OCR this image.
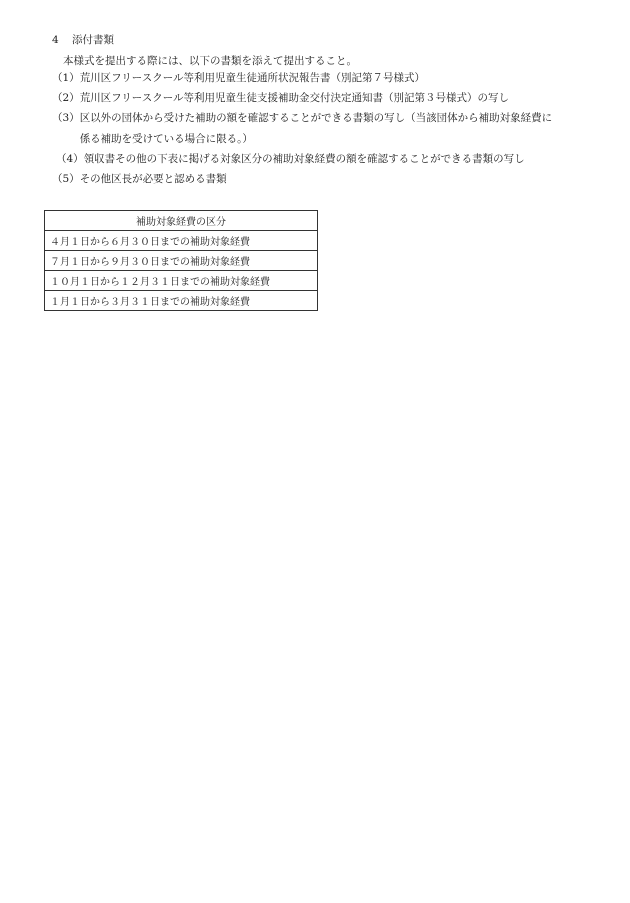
4 添付書類
本様式を提出する際には、以下の書類を添えて提出すること。
（1） 荒川区フリースクール等利用児童生徒通所状況報告書（別記第７号様式）
（2） 荒川区フリースクール等利用児童生徒支援補助金交付決定通知書（別記第３号様式）の写し
（3） 区以外の団体から受けた補助の額を確認することができる書類の写し（当該団体から補助対象経費に
係る補助を受けている場合に限る。）
（4） 領収書その他の下表に掲げる対象区分の補助対象経費の額を確認することができる書類の写し
（5） その他区長が必要と認める書類
補助対象経費の区分
４月１日から６月３０日までの補助対象経費
７月１日から９月３０日までの補助対象経費
１０月１日から１２月３１日までの補助対象経費
１月１日から３月３１日までの補助対象経費
